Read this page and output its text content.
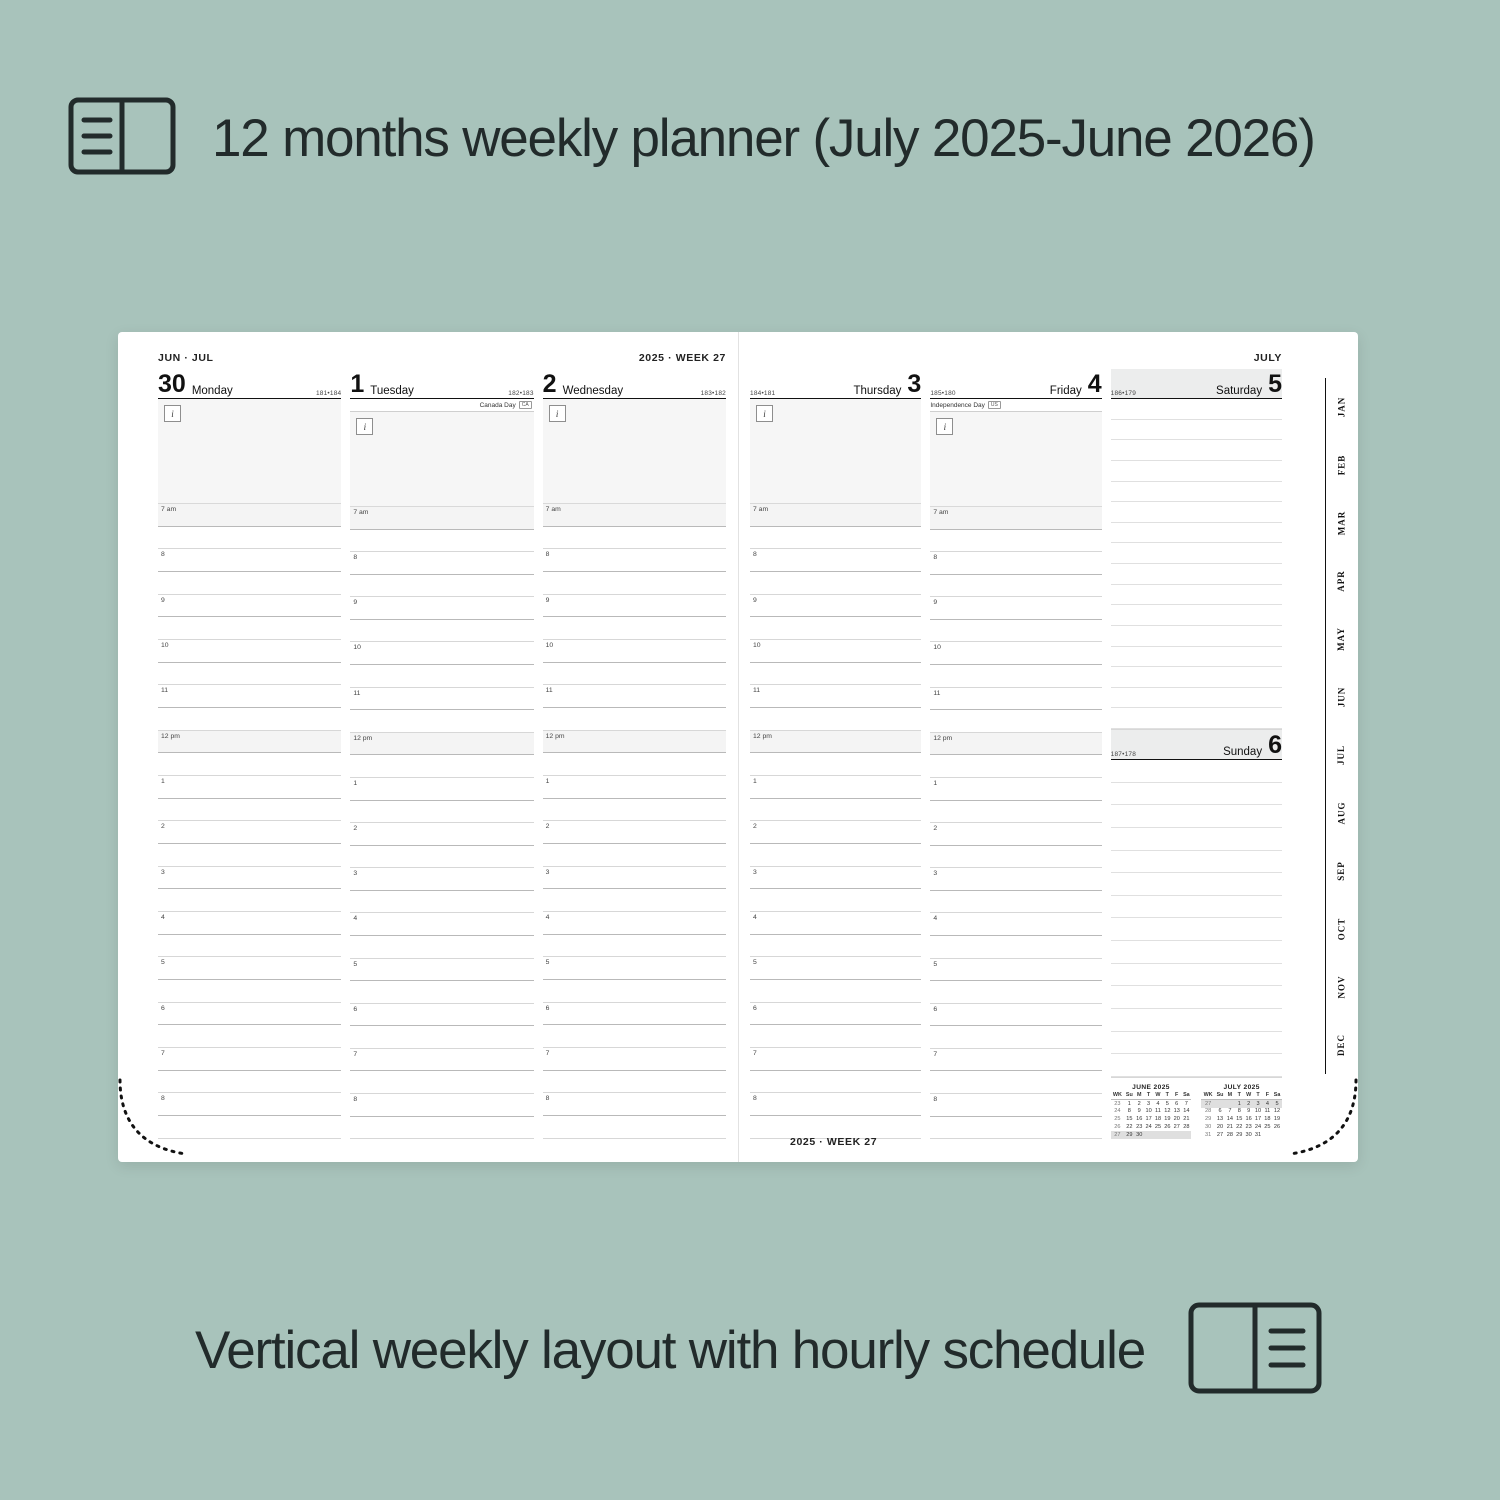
12 months weekly planner (July 2025-June 2026)
JUN · JUL	2025 · WEEK 27
30 Monday	181•184
i
7 am
8
9
10
11
12 pm
1
2
3
4
5
6
7
8
1 Tuesday	182•183
Canada Day	CA
i
7 am
8
9
10
11
12 pm
1
2
3
4
5
6
7
8
2 Wednesday	183•182
i
7 am
8
9
10
11
12 pm
1
2
3
4
5
6
7
8
JULY
184•181	Thursday 3
i
7 am
8
9
10
11
12 pm
1
2
3
4
5
6
7
8
185•180	Friday 4
Independence Day	US
i
7 am
8
9
10
11
12 pm
1
2
3
4
5
6
7
8
186•179	Saturday 5
187•178	Sunday 6
JUNE 2025
WK	Su	M	T	W	T	F	Sa
23	1	2	3	4	5	6	7
24	8	9	10	11	12	13	14
25	15	16	17	18	19	20	21
26	22	23	24	25	26	27	28
27	29	30					
JULY 2025
WK	Su	M	T	W	T	F	Sa
27			1	2	3	4	5
28	6	7	8	9	10	11	12
29	13	14	15	16	17	18	19
30	20	21	22	23	24	25	26
31	27	28	29	30	31		
2025 · WEEK 27
JAN
FEB
MAR
APR
MAY
JUN
JUL
AUG
SEP
OCT
NOV
DEC
Vertical weekly layout with hourly schedule
